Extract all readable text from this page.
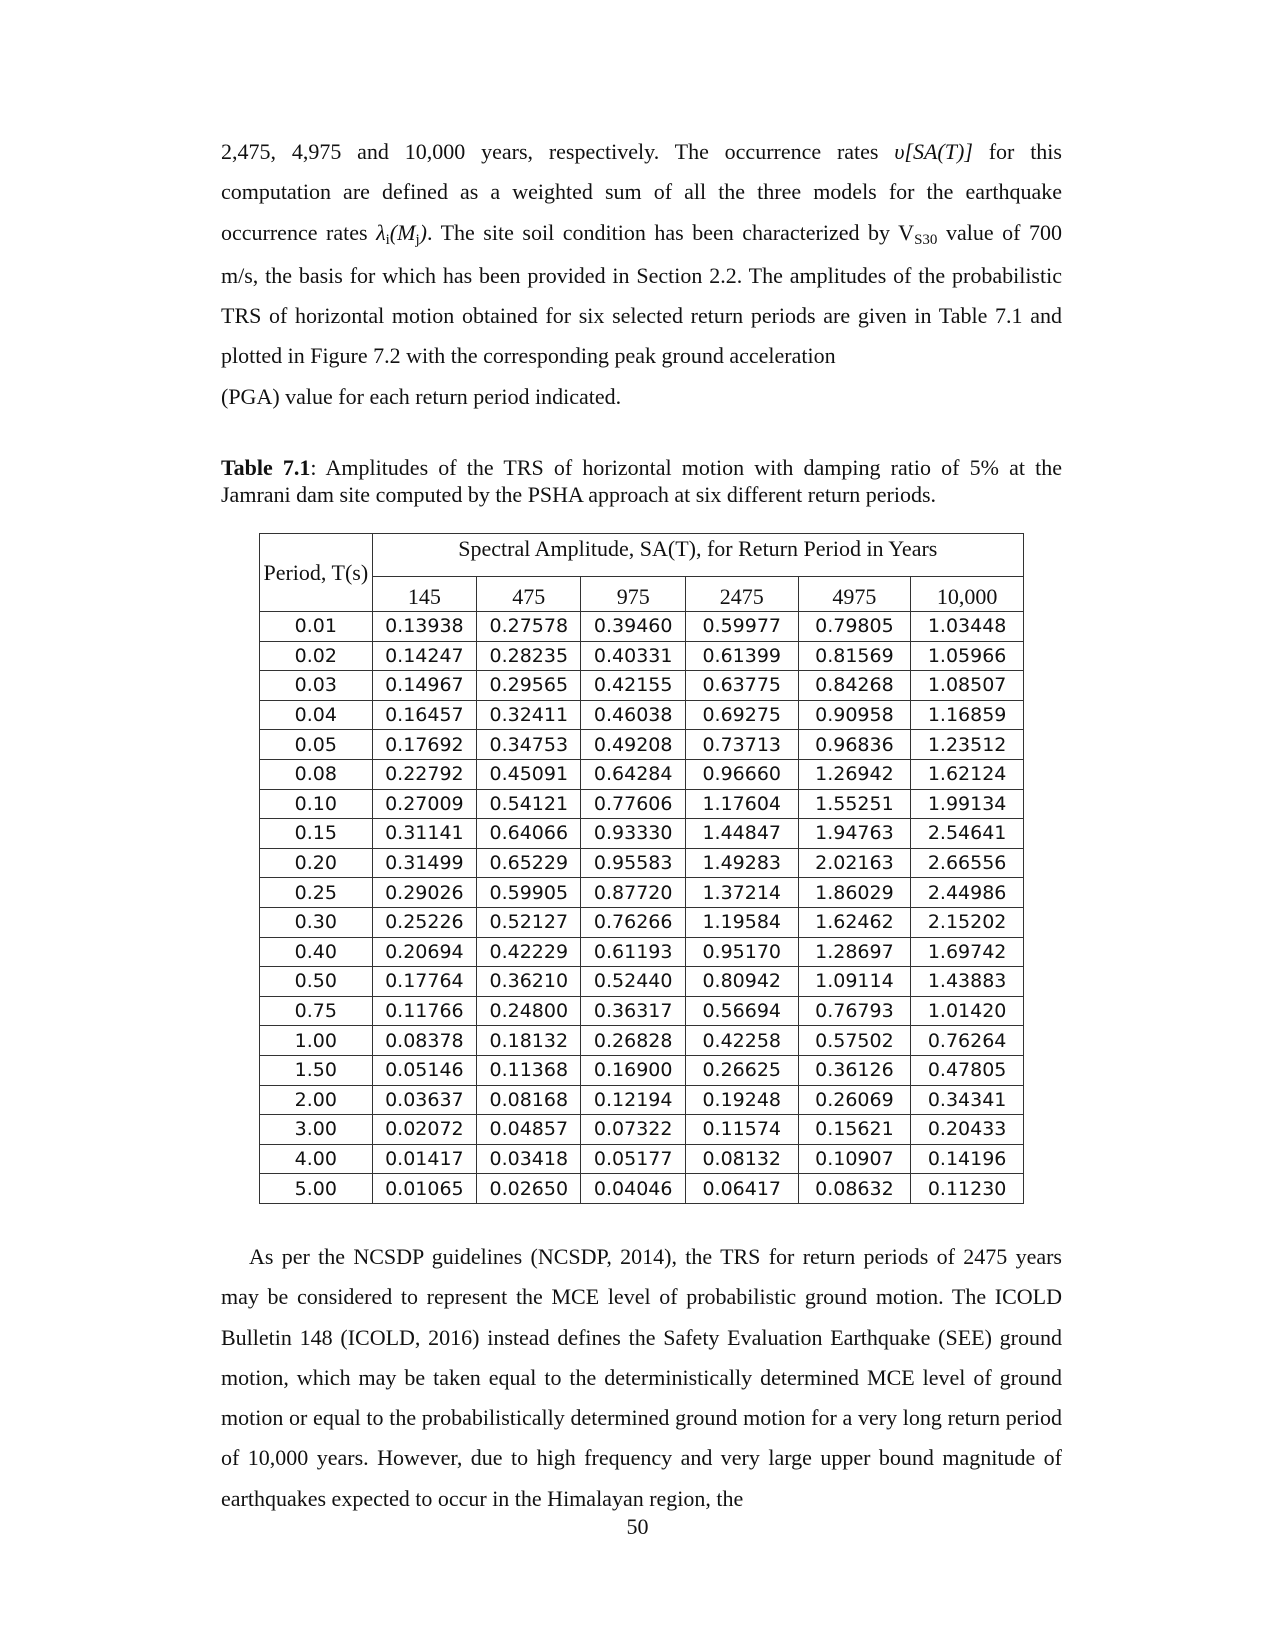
2,475, 4,975 and 10,000 years, respectively. The occurrence rates υ[SA(T)] for this computation are defined as a weighted sum of all the three models for the earthquake occurrence rates λi(Mj). The site soil condition has been characterized by VS30 value of 700 m/s, the basis for which has been provided in Section 2.2. The amplitudes of the probabilistic TRS of horizontal motion obtained for six selected return periods are given in Table 7.1 and plotted in Figure 7.2 with the corresponding peak ground acceleration
(PGA) value for each return period indicated.

Table 7.1: Amplitudes of the TRS of horizontal motion with damping ratio of 5% at the Jamrani dam site computed by the PSHA approach at six different return periods.

Period, T(s)	Spectral Amplitude, SA(T), for Return Period in Years					
	145	475	975	2475	4975	10,000
0.01	0.13938	0.27578	0.39460	0.59977	0.79805	1.03448
0.02	0.14247	0.28235	0.40331	0.61399	0.81569	1.05966
0.03	0.14967	0.29565	0.42155	0.63775	0.84268	1.08507
0.04	0.16457	0.32411	0.46038	0.69275	0.90958	1.16859
0.05	0.17692	0.34753	0.49208	0.73713	0.96836	1.23512
0.08	0.22792	0.45091	0.64284	0.96660	1.26942	1.62124
0.10	0.27009	0.54121	0.77606	1.17604	1.55251	1.99134
0.15	0.31141	0.64066	0.93330	1.44847	1.94763	2.54641
0.20	0.31499	0.65229	0.95583	1.49283	2.02163	2.66556
0.25	0.29026	0.59905	0.87720	1.37214	1.86029	2.44986
0.30	0.25226	0.52127	0.76266	1.19584	1.62462	2.15202
0.40	0.20694	0.42229	0.61193	0.95170	1.28697	1.69742
0.50	0.17764	0.36210	0.52440	0.80942	1.09114	1.43883
0.75	0.11766	0.24800	0.36317	0.56694	0.76793	1.01420
1.00	0.08378	0.18132	0.26828	0.42258	0.57502	0.76264
1.50	0.05146	0.11368	0.16900	0.26625	0.36126	0.47805
2.00	0.03637	0.08168	0.12194	0.19248	0.26069	0.34341
3.00	0.02072	0.04857	0.07322	0.11574	0.15621	0.20433
4.00	0.01417	0.03418	0.05177	0.08132	0.10907	0.14196
5.00	0.01065	0.02650	0.04046	0.06417	0.08632	0.11230

As per the NCSDP guidelines (NCSDP, 2014), the TRS for return periods of 2475 years may be considered to represent the MCE level of probabilistic ground motion. The ICOLD Bulletin 148 (ICOLD, 2016) instead defines the Safety Evaluation Earthquake (SEE) ground motion, which may be taken equal to the deterministically determined MCE level of ground motion or equal to the probabilistically determined ground motion for a very long return period of 10,000 years. However, due to high frequency and very large upper bound magnitude of earthquakes expected to occur in the Himalayan region, the

50
